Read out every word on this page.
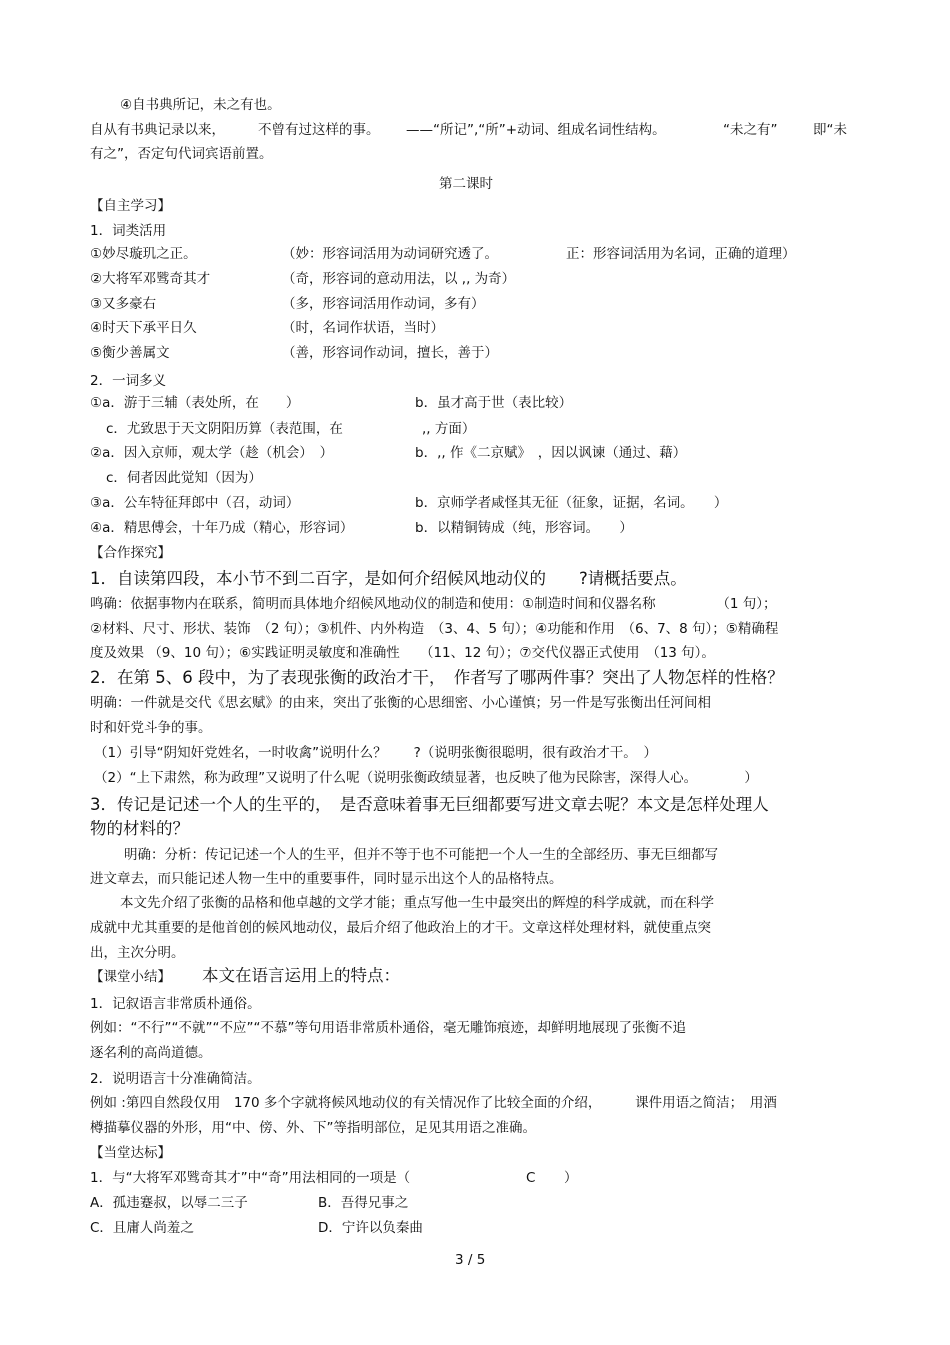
④自书典所记，未之有也。
自从有书典记录以来， 不曾有过这样的事。 ——“所记”,“所”+动词、组成名词性结构。	“未之有”	即“未
有之”，否定句代词宾语前置。
第二课时
【自主学习】
1．词类活用
①妙尽璇玑之正。	（妙：形容词活用为动词研究透了。	正：形容词活用为名词，正确的道理）
②大将军邓骘奇其才	（奇，形容词的意动用法，以 ,, 为奇）
③又多豪右	（多，形容词活用作动词，多有）
④时天下承平日久	（时，名词作状语，当时）
⑤衡少善属文	（善，形容词作动词，擅长，善于）
2．一词多义
①a．游于三辅（表处所，在　　）	b．虽才高于世（表比较）
c．尤致思于天文阴阳历算（表范围，在	,, 方面）
②a．因入京师，观太学（趁（机会）　）	b．,, 作《二京赋》　，因以讽谏（通过、藉）
c．伺者因此觉知（因为）
③a．公车特征拜郎中（召，动词）	b．京师学者咸怪其无征（征象，证据，名词。　　）
④a．精思傅会，十年乃成（精心，形容词）	b．以精铜铸成（纯，形容词。　　）
【合作探究】
1．自读第四段，本小节不到二百字，是如何介绍候风地动仪的　　?请概括要点。
鸣确：依据事物内在联系，简明而具体地介绍候风地动仪的制造和使用：①制造时间和仪器名称　　　　　（1 句）；
②材料、尺寸、形状、装饰　（2 句）；③机件、内外构造　（3、4、5 句）；④功能和作用　（6、7、8 句）；⑤精确程
度及效果 （9、10 句）；⑥实践证明灵敏度和准确性　　（11、12 句）；⑦交代仪器正式使用　（13 句）。
2．在第 5、6 段中，为了表现张衡的政治才干，　作者写了哪两件事？突出了人物怎样的性格？
明确：一件就是交代《思玄赋》的由来，突出了张衡的心思细密、小心谨慎；另一件是写张衡出任河间相
时和奸党斗争的事。
（1）引导“阴知奸党姓名，一时收禽”说明什么？　　?（说明张衡很聪明，很有政治才干。　）
（2）“上下肃然，称为政理”又说明了什么呢（说明张衡政绩显著，也反映了他为民除害，深得人心。　　　　）
3．传记是记述一个人的生平的，　是否意味着事无巨细都要写进文章去呢？本文是怎样处理人
物的材料的？
明确：分析：传记记述一个人的生平，但并不等于也不可能把一个人一生的全部经历、事无巨细都写
进文章去，而只能记述人物一生中的重要事件，同时显示出这个人的品格特点。
本文先介绍了张衡的品格和他卓越的文学才能；重点写他一生中最突出的辉煌的科学成就，而在科学
成就中尤其重要的是他首创的候风地动仪，最后介绍了他政治上的才干。文章这样处理材料，就使重点突
出，主次分明。
【课堂小结】 本文在语言运用上的特点：
1．记叙语言非常质朴通俗。
例如：“不行”“不就”“不应”“不慕”等句用语非常质朴通俗，毫无雕饰痕迹，却鲜明地展现了张衡不追
逐名利的高尚道德。
2．说明语言十分准确简洁。
例如 :第四自然段仅用　170 多个字就将候风地动仪的有关情况作了比较全面的介绍，　　　课件用语之简洁；　用酒
樽描摹仪器的外形，用“中、傍、外、下”等指明部位，足见其用语之准确。
【当堂达标】
1．与“大将军邓骘奇其才”中“奇”用法相同的一项是（	C ）
A．孤违蹇叔，以辱二三子	B．吾得兄事之
C．且庸人尚羞之	D．宁许以负秦曲
3 / 5
